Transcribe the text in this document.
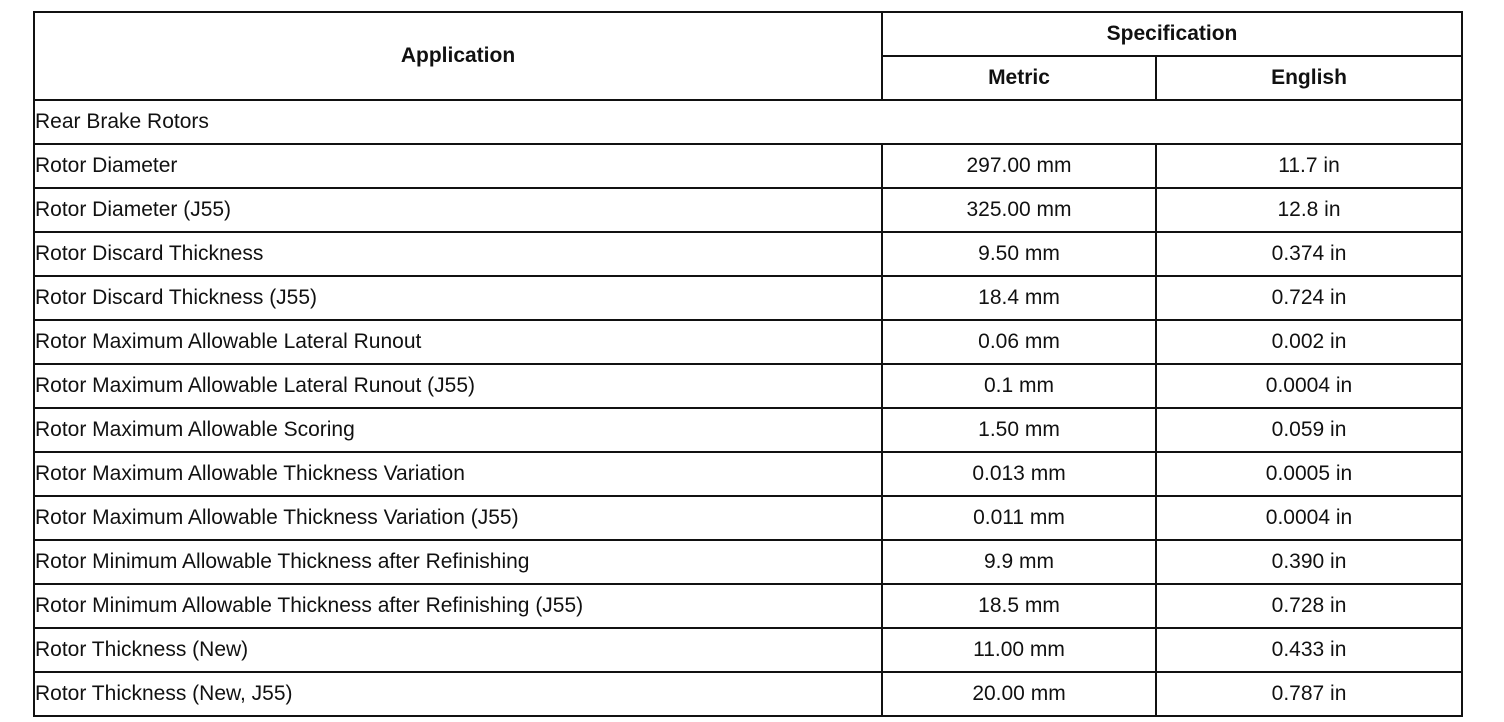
Application	Specification	
	Metric	English
Rear Brake Rotors		
Rotor Diameter	297.00 mm	11.7 in
Rotor Diameter (J55)	325.00 mm	12.8 in
Rotor Discard Thickness	9.50 mm	0.374 in
Rotor Discard Thickness (J55)	18.4 mm	0.724 in
Rotor Maximum Allowable Lateral Runout	0.06 mm	0.002 in
Rotor Maximum Allowable Lateral Runout (J55)	0.1 mm	0.0004 in
Rotor Maximum Allowable Scoring	1.50 mm	0.059 in
Rotor Maximum Allowable Thickness Variation	0.013 mm	0.0005 in
Rotor Maximum Allowable Thickness Variation (J55)	0.011 mm	0.0004 in
Rotor Minimum Allowable Thickness after Refinishing	9.9 mm	0.390 in
Rotor Minimum Allowable Thickness after Refinishing (J55)	18.5 mm	0.728 in
Rotor Thickness (New)	11.00 mm	0.433 in
Rotor Thickness (New, J55)	20.00 mm	0.787 in
